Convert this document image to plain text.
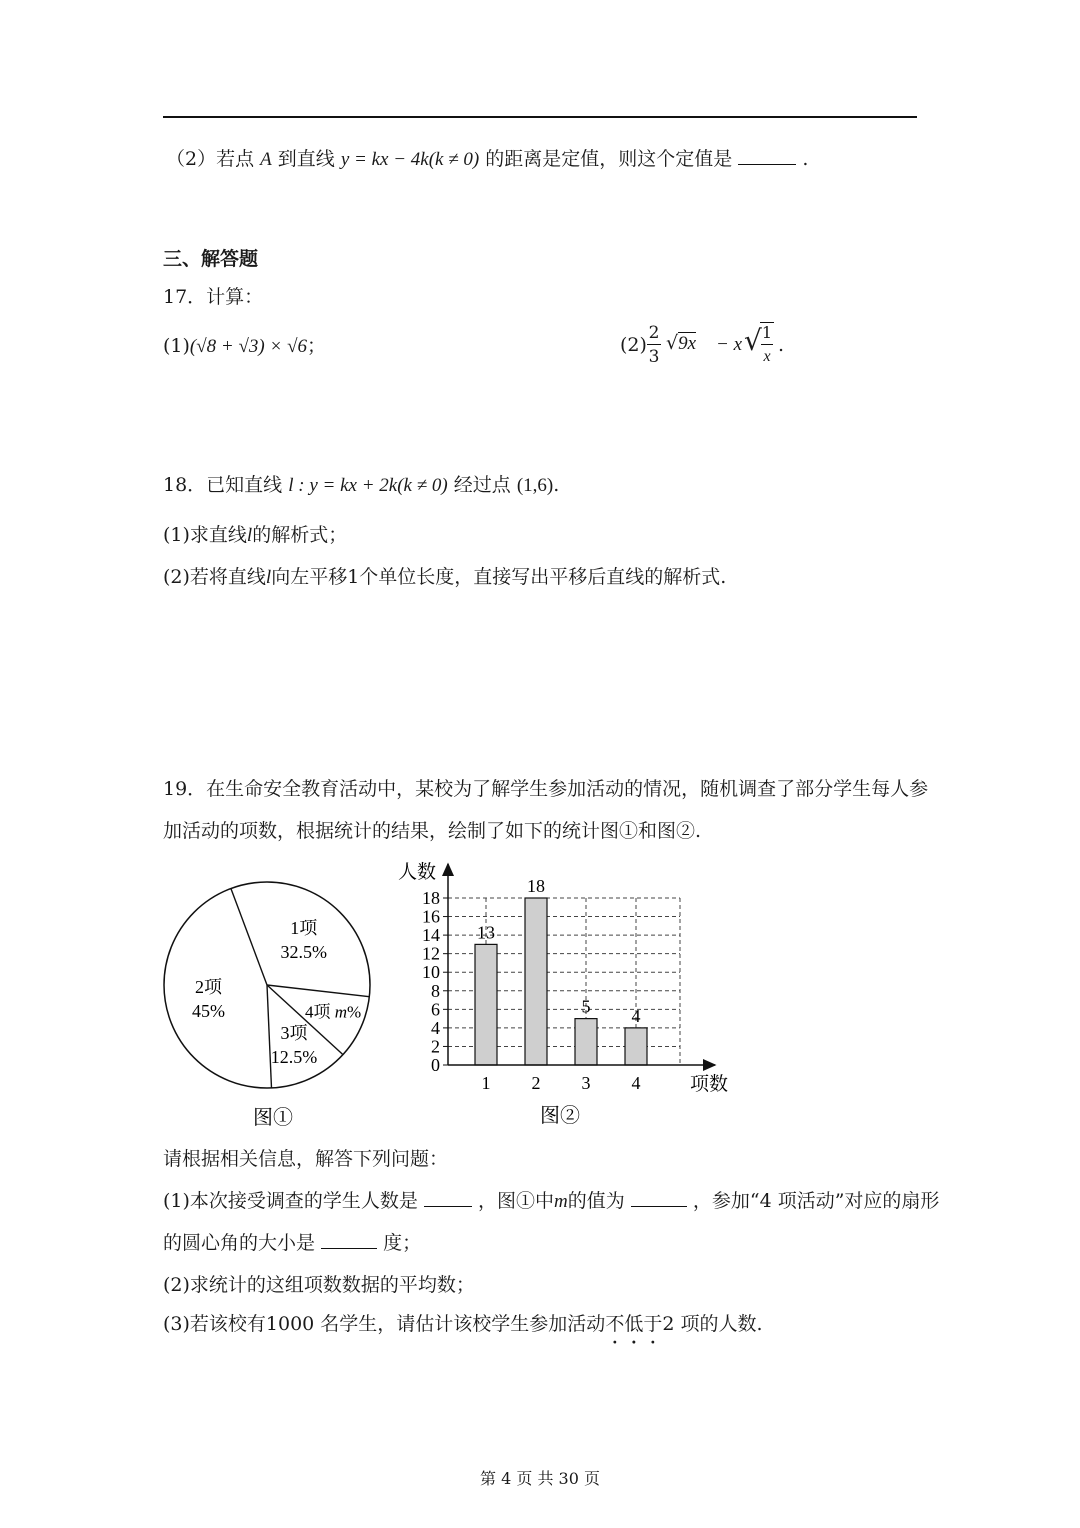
（2）若点 A 到直线 y = kx − 4k(k ≠ 0) 的距离是定值，则这个定值是	.
三、解答题
17．计算：
(1)(√8 + √3) × √6；	(2)
2
3
√9x − x √ 1
x
.
18．已知直线 l : y = kx + 2k(k ≠ 0) 经过点 (1,6).
(1)求直线l的解析式；
(2)若将直线l向左平移1个单位长度，直接写出平移后直线的解析式.
19．在生命安全教育活动中，某校为了解学生参加活动的情况，随机调查了部分学生每人参
加活动的项数，根据统计的结果，绘制了如下的统计图①和图②.
1项
32.5%
4项 m%
3项
12.5%
2项
45%
图①
0
2
4
6
8
10
12
14
16
18
1 2 3 4
13
18
5 4
人数
项数
图②
请根据相关信息，解答下列问题：
(1)本次接受调查的学生人数是	，图①中m的值为	，参加“4 项活动”对应的扇形
的圆心角的大小是	度；
(2)求统计的这组项数数据的平均数；
(3)若该校有1000 名学生，请估计该校学生参加活动不低于2 项的人数.
第 4 页 共 30 页
